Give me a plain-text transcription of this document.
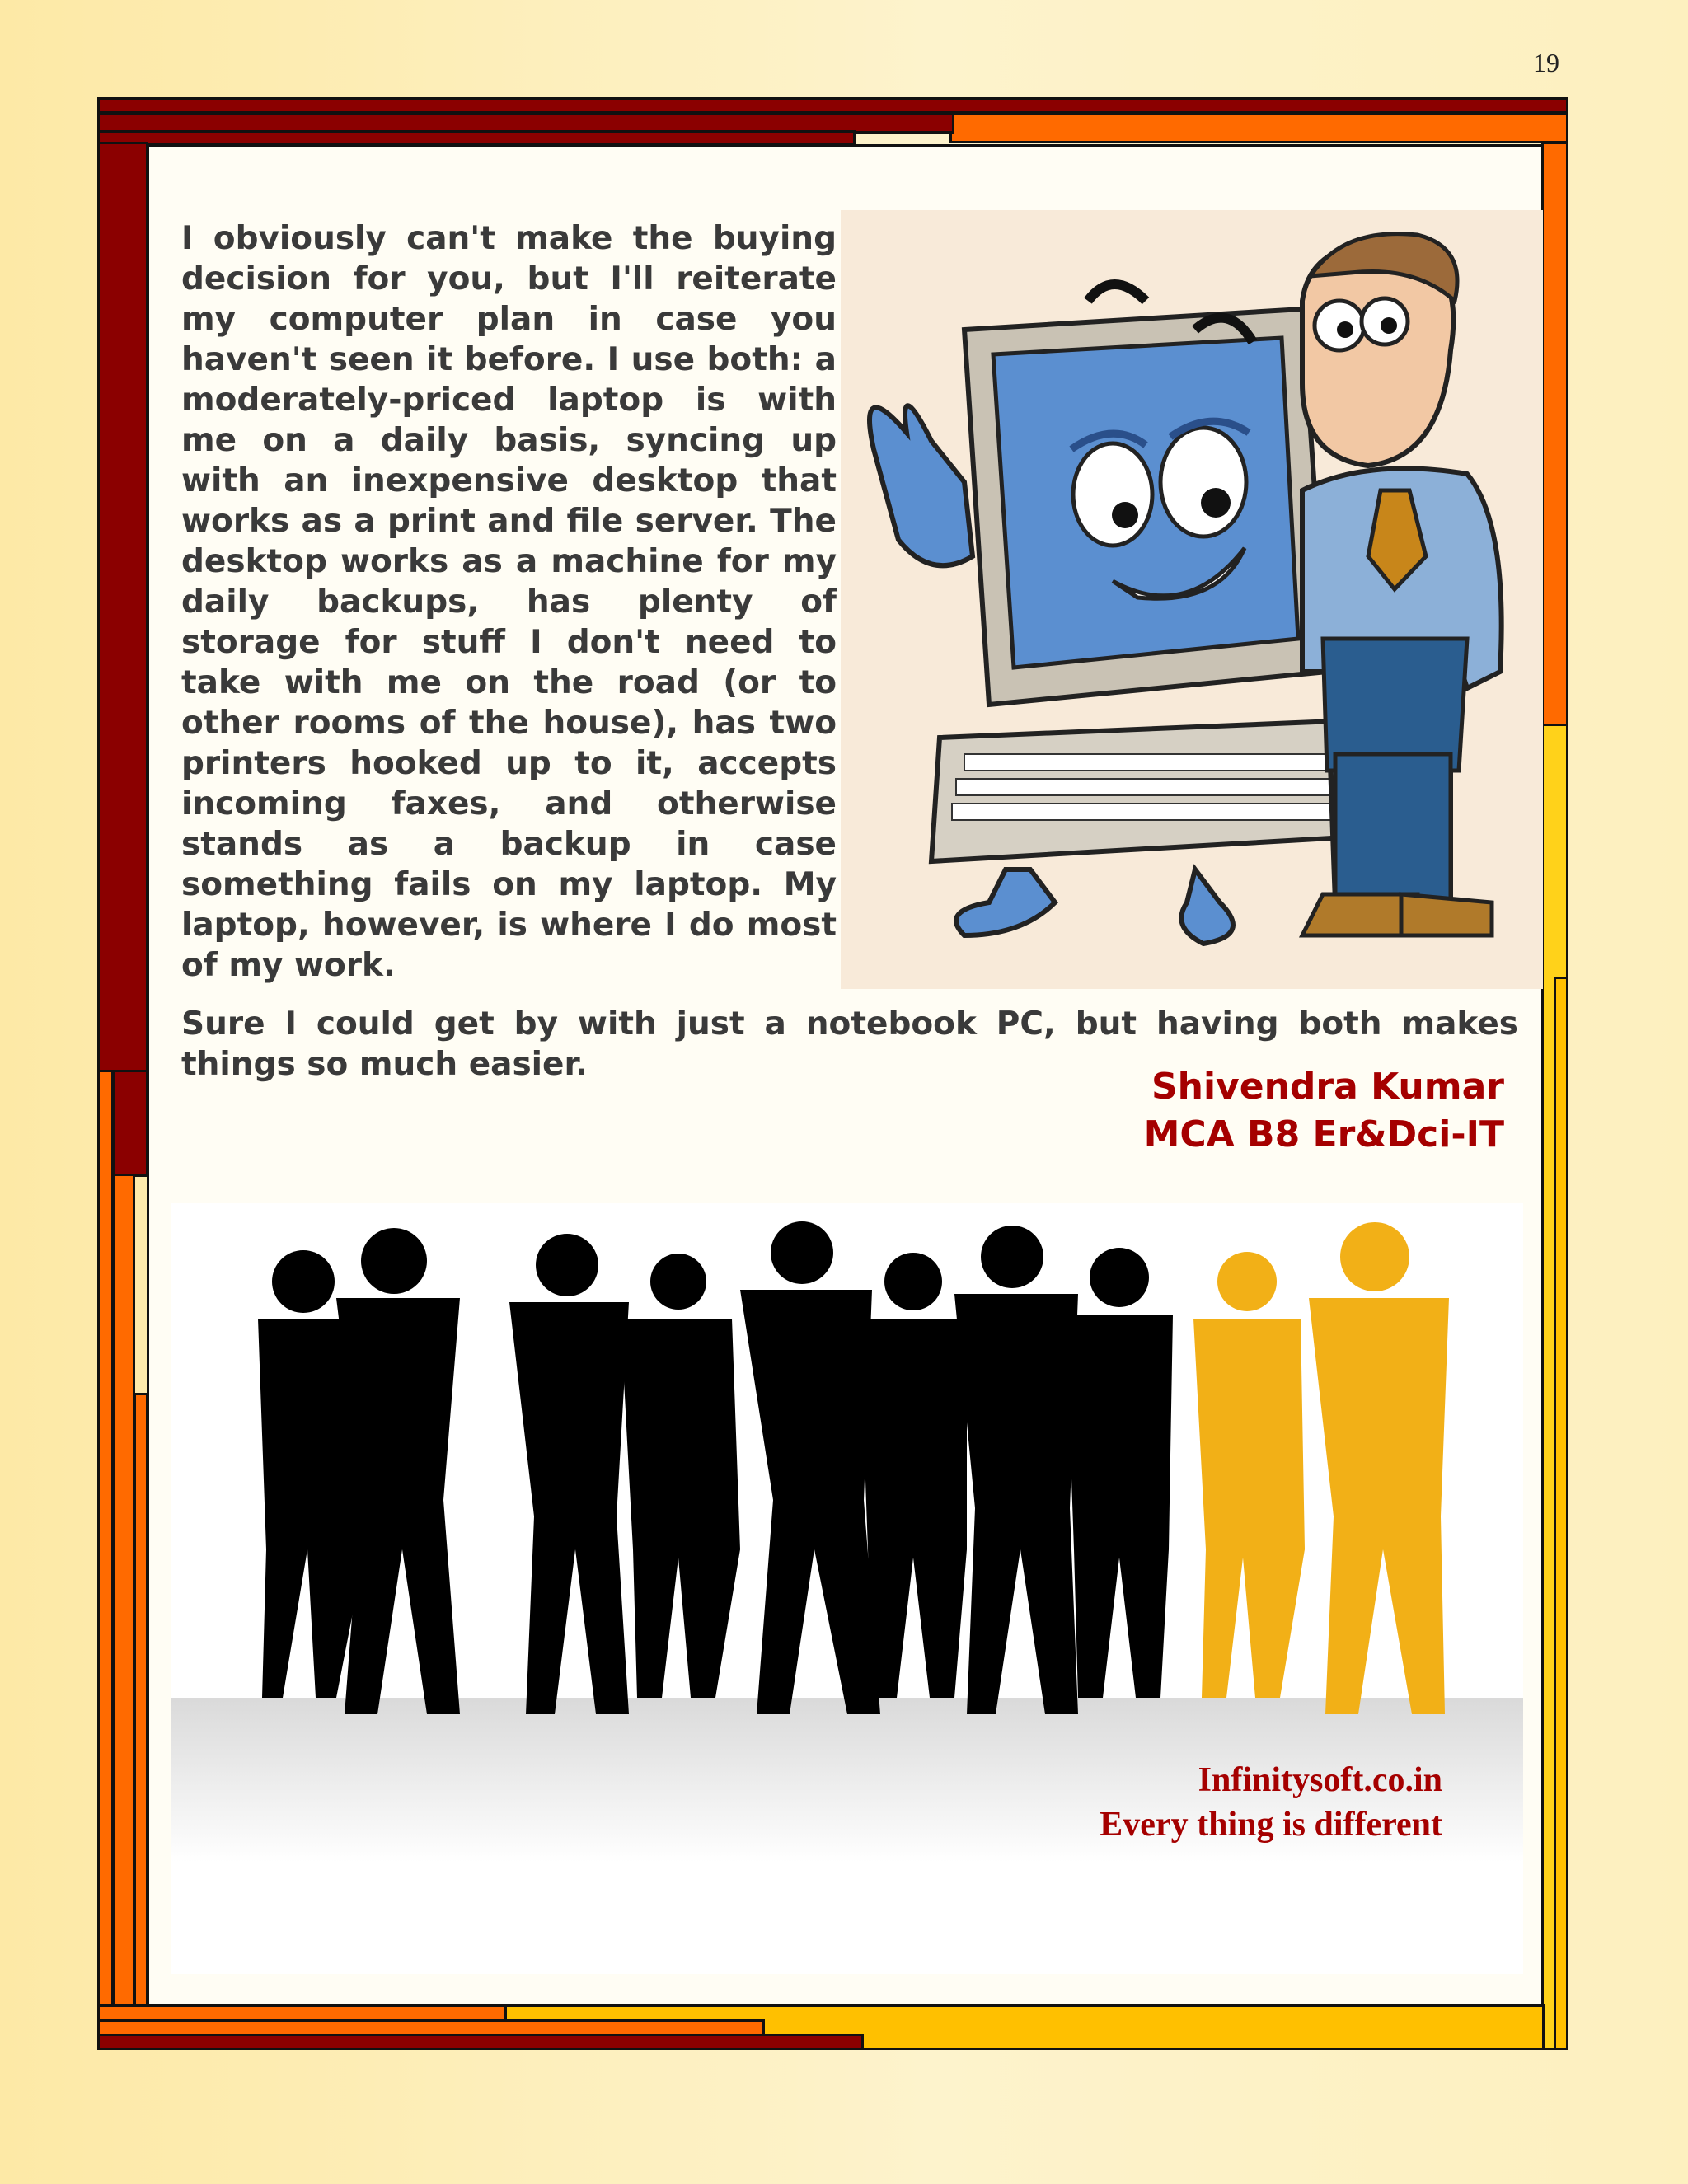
19

I obviously can't make the buying decision for you, but I'll reiterate my computer plan in case you haven't seen it before. I use both: a moderately-priced laptop is with me on a daily basis, syncing up with an inexpensive desktop that works as a print and file server. The desktop works as a machine for my daily backups, has plenty of storage for stuff I don't need to take with me on the road (or to other rooms of the house), has two printers hooked up to it, accepts incoming faxes, and otherwise stands as a backup in case something fails on my laptop. My laptop, however, is where I do most of my work.

Sure I could get by with just a notebook PC, but having both makes things so much easier.

Shivendra Kumar
MCA B8 Er&Dci-IT
Infinitysoft.co.in
Every thing is different
